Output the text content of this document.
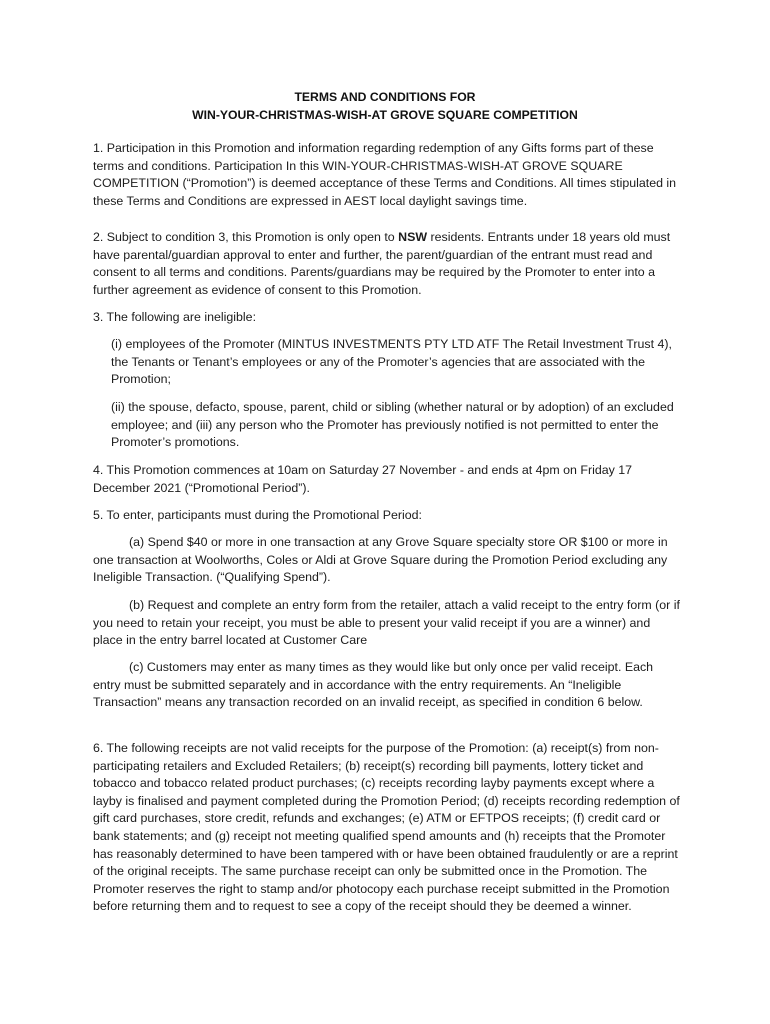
TERMS AND CONDITIONS FOR
WIN-YOUR-CHRISTMAS-WISH-AT GROVE SQUARE COMPETITION

1. Participation in this Promotion and information regarding redemption of any Gifts forms part of these terms and conditions. Participation In this WIN-YOUR-CHRISTMAS-WISH-AT GROVE SQUARE COMPETITION (“Promotion”) is deemed acceptance of these Terms and Conditions. All times stipulated in these Terms and Conditions are expressed in AEST local daylight savings time.

2. Subject to condition 3, this Promotion is only open to NSW residents. Entrants under 18 years old must have parental/guardian approval to enter and further, the parent/guardian of the entrant must read and consent to all terms and conditions. Parents/guardians may be required by the Promoter to enter into a further agreement as evidence of consent to this Promotion.

3. The following are ineligible:

(i) employees of the Promoter (MINTUS INVESTMENTS PTY LTD ATF The Retail Investment Trust 4), the Tenants or Tenant’s employees or any of the Promoter’s agencies that are associated with the Promotion;

(ii) the spouse, defacto, spouse, parent, child or sibling (whether natural or by adoption) of an excluded employee; and (iii) any person who the Promoter has previously notified is not permitted to enter the Promoter’s promotions.

4. This Promotion commences at 10am on Saturday 27 November - and ends at 4pm on Friday 17 December 2021 (“Promotional Period”).

5. To enter, participants must during the Promotional Period:

(a) Spend $40 or more in one transaction at any Grove Square specialty store OR $100 or more in one transaction at Woolworths, Coles or Aldi at Grove Square during the Promotion Period excluding any Ineligible Transaction. (“Qualifying Spend”).

(b) Request and complete an entry form from the retailer, attach a valid receipt to the entry form (or if you need to retain your receipt, you must be able to present your valid receipt if you are a winner) and place in the entry barrel located at Customer Care

(c) Customers may enter as many times as they would like but only once per valid receipt. Each entry must be submitted separately and in accordance with the entry requirements. An “Ineligible Transaction” means any transaction recorded on an invalid receipt, as specified in condition 6 below.

6. The following receipts are not valid receipts for the purpose of the Promotion: (a) receipt(s) from non-participating retailers and Excluded Retailers; (b) receipt(s) recording bill payments, lottery ticket and tobacco and tobacco related product purchases; (c) receipts recording layby payments except where a layby is finalised and payment completed during the Promotion Period; (d) receipts recording redemption of gift card purchases, store credit, refunds and exchanges; (e) ATM or EFTPOS receipts; (f) credit card or bank statements; and (g) receipt not meeting qualified spend amounts and (h) receipts that the Promoter has reasonably determined to have been tampered with or have been obtained fraudulently or are a reprint of the original receipts. The same purchase receipt can only be submitted once in the Promotion. The Promoter reserves the right to stamp and/or photocopy each purchase receipt submitted in the Promotion before returning them and to request to see a copy of the receipt should they be deemed a winner.
